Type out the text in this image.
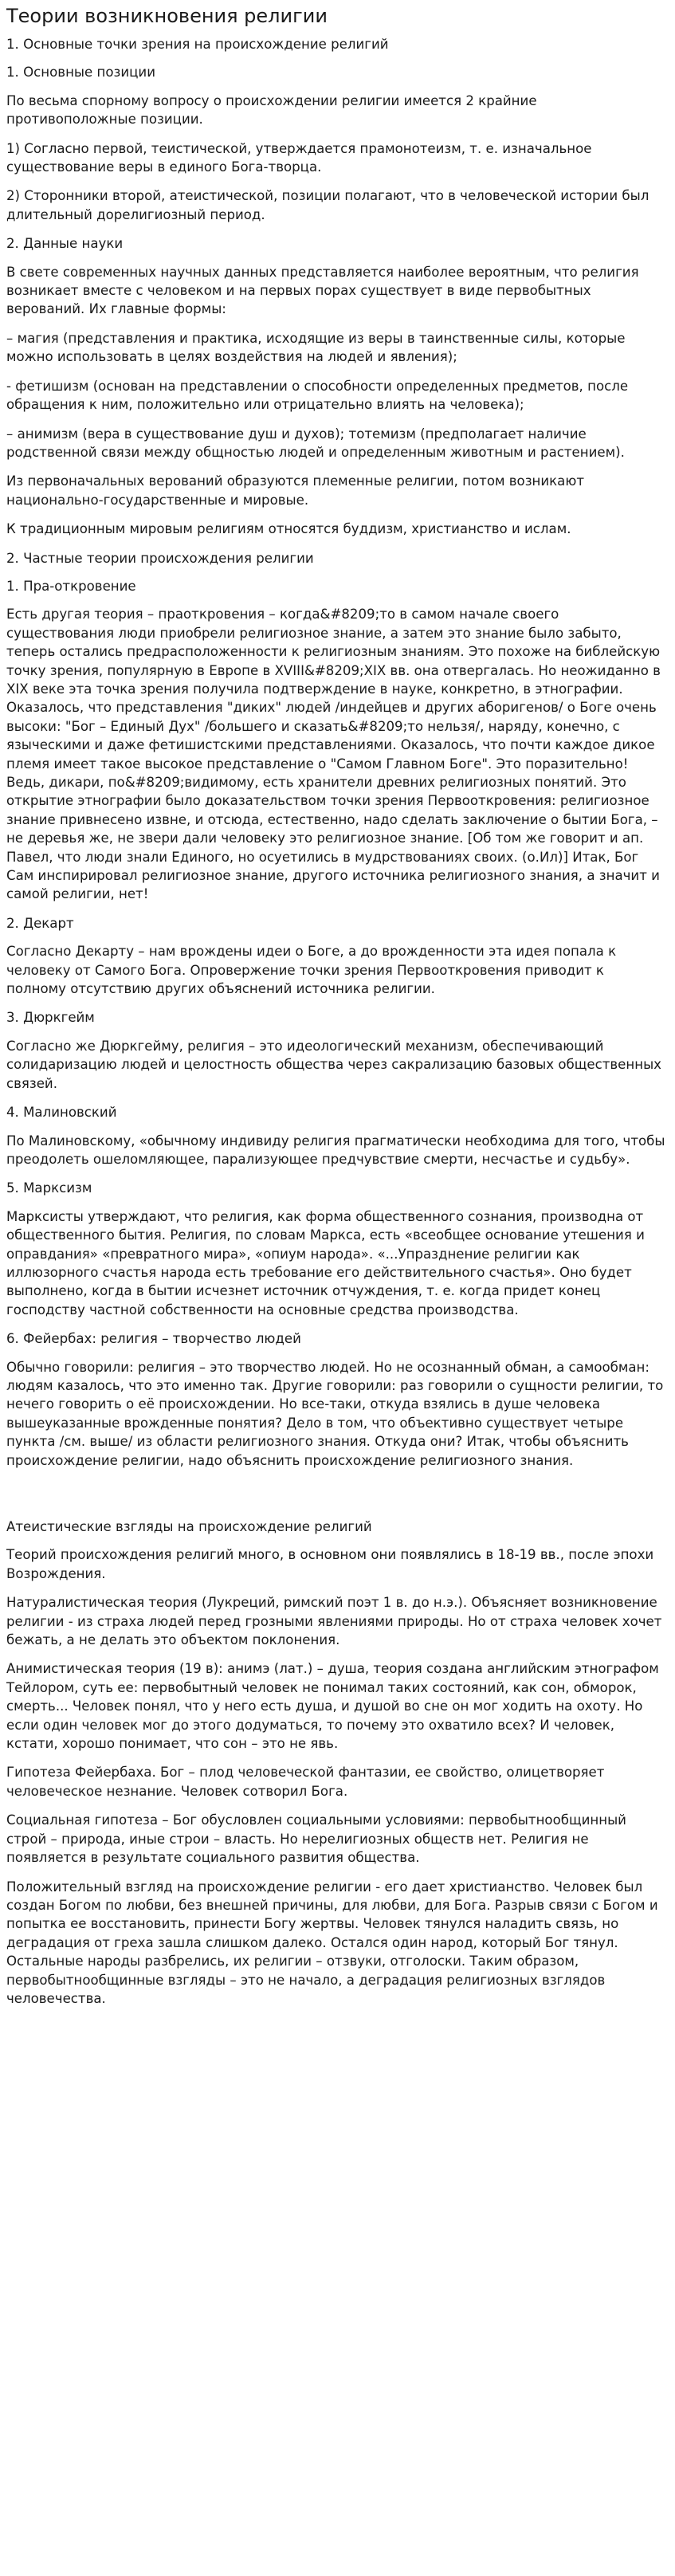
Теории возникновения религии
1. Основные точки зрения на происхождение религий
1. Основные позиции
По весьма спорному вопросу о происхождении религии имеется 2 крайние противоположные позиции.
1) Согласно первой, теистической, утверждается прамонотеизм, т. е. изначальное существование веры в единого Бога-творца.
2) Сторонники второй, атеистической, позиции полагают, что в человеческой истории был длительный дорелигиозный период.
2. Данные науки
В свете современных научных данных представляется наиболее вероятным, что религия возникает вместе с человеком и на первых порах существует в виде первобытных верований. Их главные формы:
– магия (представления и практика, исходящие из веры в таинственные силы, которые можно использовать в целях воздействия на людей и явления);
- фетишизм (основан на представлении о способности определенных предметов, после обращения к ним, положительно или отрицательно влиять на человека);
– анимизм (вера в существование душ и духов); тотемизм (предполагает наличие родственной связи между общностью людей и определенным животным и растением).
Из первоначальных верований образуются племенные религии, потом возникают национально-государственные и мировые.
К традиционным мировым религиям относятся буддизм, христианство и ислам.
2. Частные теории происхождения религии
1. Пра-откровение
Есть другая теория – праоткровения – когда&#8209;то в самом начале своего существования люди приобрели религиозное знание, а затем это знание было забыто, теперь остались предрасположенности к религиозным знаниям. Это похоже на библейскую точку зрения, популярную в Европе в XVIII&#8209;XIX вв. она отвергалась. Но неожиданно в XIX веке эта точка зрения получила подтверждение в науке, конкретно, в этнографии. Оказалось, что представления "диких" людей /индейцев и других аборигенов/ о Боге очень высоки: "Бог – Единый Дух" /большего и сказать&#8209;то нельзя/, наряду, конечно, с языческими и даже фетишистскими представлениями. Оказалось, что почти каждое дикое племя имеет такое высокое представление о "Самом Главном Боге". Это поразительно! Ведь, дикари, по&#8209;видимому, есть хранители древних религиозных понятий. Это открытие этнографии было доказательством точки зрения Первооткровения: религиозное знание привнесено извне, и отсюда, естественно, надо сделать заключение о бытии Бога, – не деревья же, не звери дали человеку это религиозное знание. [Об том же говорит и ап. Павел, что люди знали Единого, но осуетились в мудрствованиях своих. (о.Ил)] Итак, Бог Сам инспирировал религиозное знание, другого источника религиозного знания, а значит и самой религии, нет!
2. Декарт
Согласно Декарту – нам врождены идеи о Боге, а до врожденности эта идея попала к человеку от Самого Бога. Опровержение точки зрения Первооткровения приводит к полному отсутствию других объяснений источника религии.
3. Дюркгейм
Согласно же Дюркгейму, религия – это идеологический механизм, обеспечивающий солидаризацию людей и целостность общества через сакрализацию базовых общественных связей.
4. Малиновский
По Малиновскому, «обычному индивиду религия прагматически необходима для того, чтобы преодолеть ошеломляющее, парализующее предчувствие смерти, несчастье и судьбу».
5. Марксизм
Марксисты утверждают, что религия, как форма общественного сознания, производна от общественного бытия. Религия, по словам Маркса, есть «всеобщее основание утешения и оправдания» «превратного мира», «опиум народа». «...Упразднение религии как иллюзорного счастья народа есть требование его действительного счастья». Оно будет выполнено, когда в бытии исчезнет источник отчуждения, т. е. когда придет конец господству частной собственности на основные средства производства.
6. Фейербах: религия – творчество людей
Обычно говорили: религия – это творчество людей. Но не осознанный обман, а самообман: людям казалось, что это именно так. Другие говорили: раз говорили о сущности религии, то нечего говорить о её происхождении. Но все-таки, откуда взялись в душе человека вышеуказанные врожденные понятия? Дело в том, что объективно существует четыре пункта /см. выше/ из области религиозного знания. Откуда они? Итак, чтобы объяснить происхождение религии, надо объяснить происхождение религиозного знания.
Атеистические взгляды на происхождение религий
Теорий происхождения религий много, в основном они появлялись в 18-19 вв., после эпохи Возрождения.
Натуралистическая теория (Лукреций, римский поэт 1 в. до н.э.). Объясняет возникновение религии - из страха людей перед грозными явлениями природы. Но от страха человек хочет бежать, а не делать это объектом поклонения.
Анимистическая теория (19 в): анимэ (лат.) – душа, теория создана английским этнографом Тейлором, суть ее: первобытный человек не понимал таких состояний, как сон, обморок, смерть... Человек понял, что у него есть душа, и душой во сне он мог ходить на охоту. Но если один человек мог до этого додуматься, то почему это охватило всех? И человек, кстати, хорошо понимает, что сон – это не явь.
Гипотеза Фейербаха. Бог – плод человеческой фантазии, ее свойство, олицетворяет человеческое незнание. Человек сотворил Бога.
Социальная гипотеза – Бог обусловлен социальными условиями: первобытнообщинный строй – природа, иные строи – власть. Но нерелигиозных обществ нет. Религия не появляется в результате социального развития общества.
Положительный взгляд на происхождение религии - его дает христианство. Человек был создан Богом по любви, без внешней причины, для любви, для Бога. Разрыв связи с Богом и попытка ее восстановить, принести Богу жертвы. Человек тянулся наладить связь, но деградация от греха зашла слишком далеко. Остался один народ, который Бог тянул. Остальные народы разбрелись, их религии – отзвуки, отголоски. Таким образом, первобытнообщинные взгляды – это не начало, а деградация религиозных взглядов человечества.
